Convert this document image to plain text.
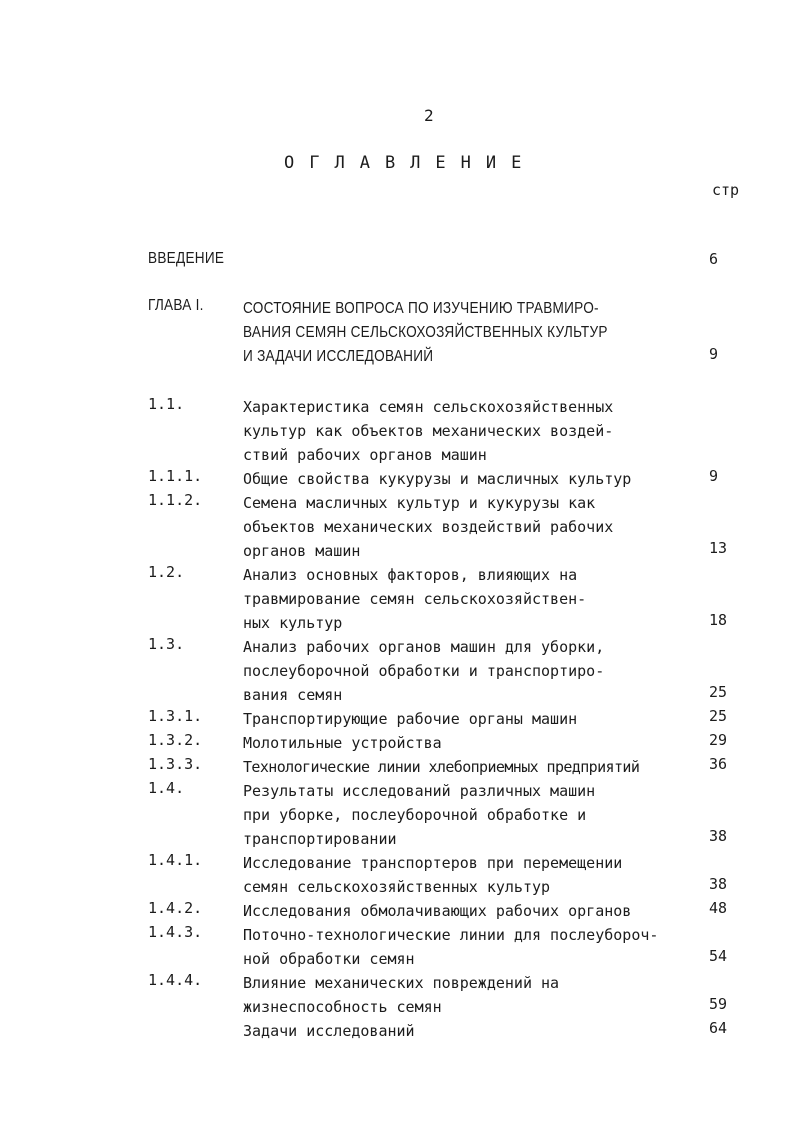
2
ОГЛАВЛЕНИЕ
стр
ВВЕДЕНИЕ	6
ГЛАВА I. СОСТОЯНИЕ ВОПРОСА ПО ИЗУЧЕНИЮ ТРАВМИРО-
ВАНИЯ СЕМЯН СЕЛЬСКОХОЗЯЙСТВЕННЫХ КУЛЬТУР
И ЗАДАЧИ ИССЛЕДОВАНИЙ	9
1.1.	Характеристика семян сельскохозяйственных
культур как объектов механических воздей-
ствий рабочих органов машин
1.1.1.	Общие свойства кукурузы и масличных культур	9
1.1.2.	Семена масличных культур и кукурузы как
объектов механических воздействий рабочих
органов машин	13
1.2.	Анализ основных факторов, влияющих на
травмирование семян сельскохозяйствен-
ных культур	18
1.3.	Анализ рабочих органов машин для уборки,
послеуборочной обработки и транспортиро-
вания семян	25
1.3.1.	Транспортирующие рабочие органы машин	25
1.3.2.	Молотильные устройства	29
1.3.3.	Технологические линии хлебоприемных предприятий	36
1.4.	Результаты исследований различных машин
при уборке, послеуборочной обработке и
транспортировании	38
1.4.1.	Исследование транспортеров при перемещении
семян сельскохозяйственных культур	38
1.4.2.	Исследования обмолачивающих рабочих органов	48
1.4.3.	Поточно-технологические линии для послеубороч-
ной обработки семян	54
1.4.4.	Влияние механических повреждений на
жизнеспособность семян	59
Задачи исследований	64
